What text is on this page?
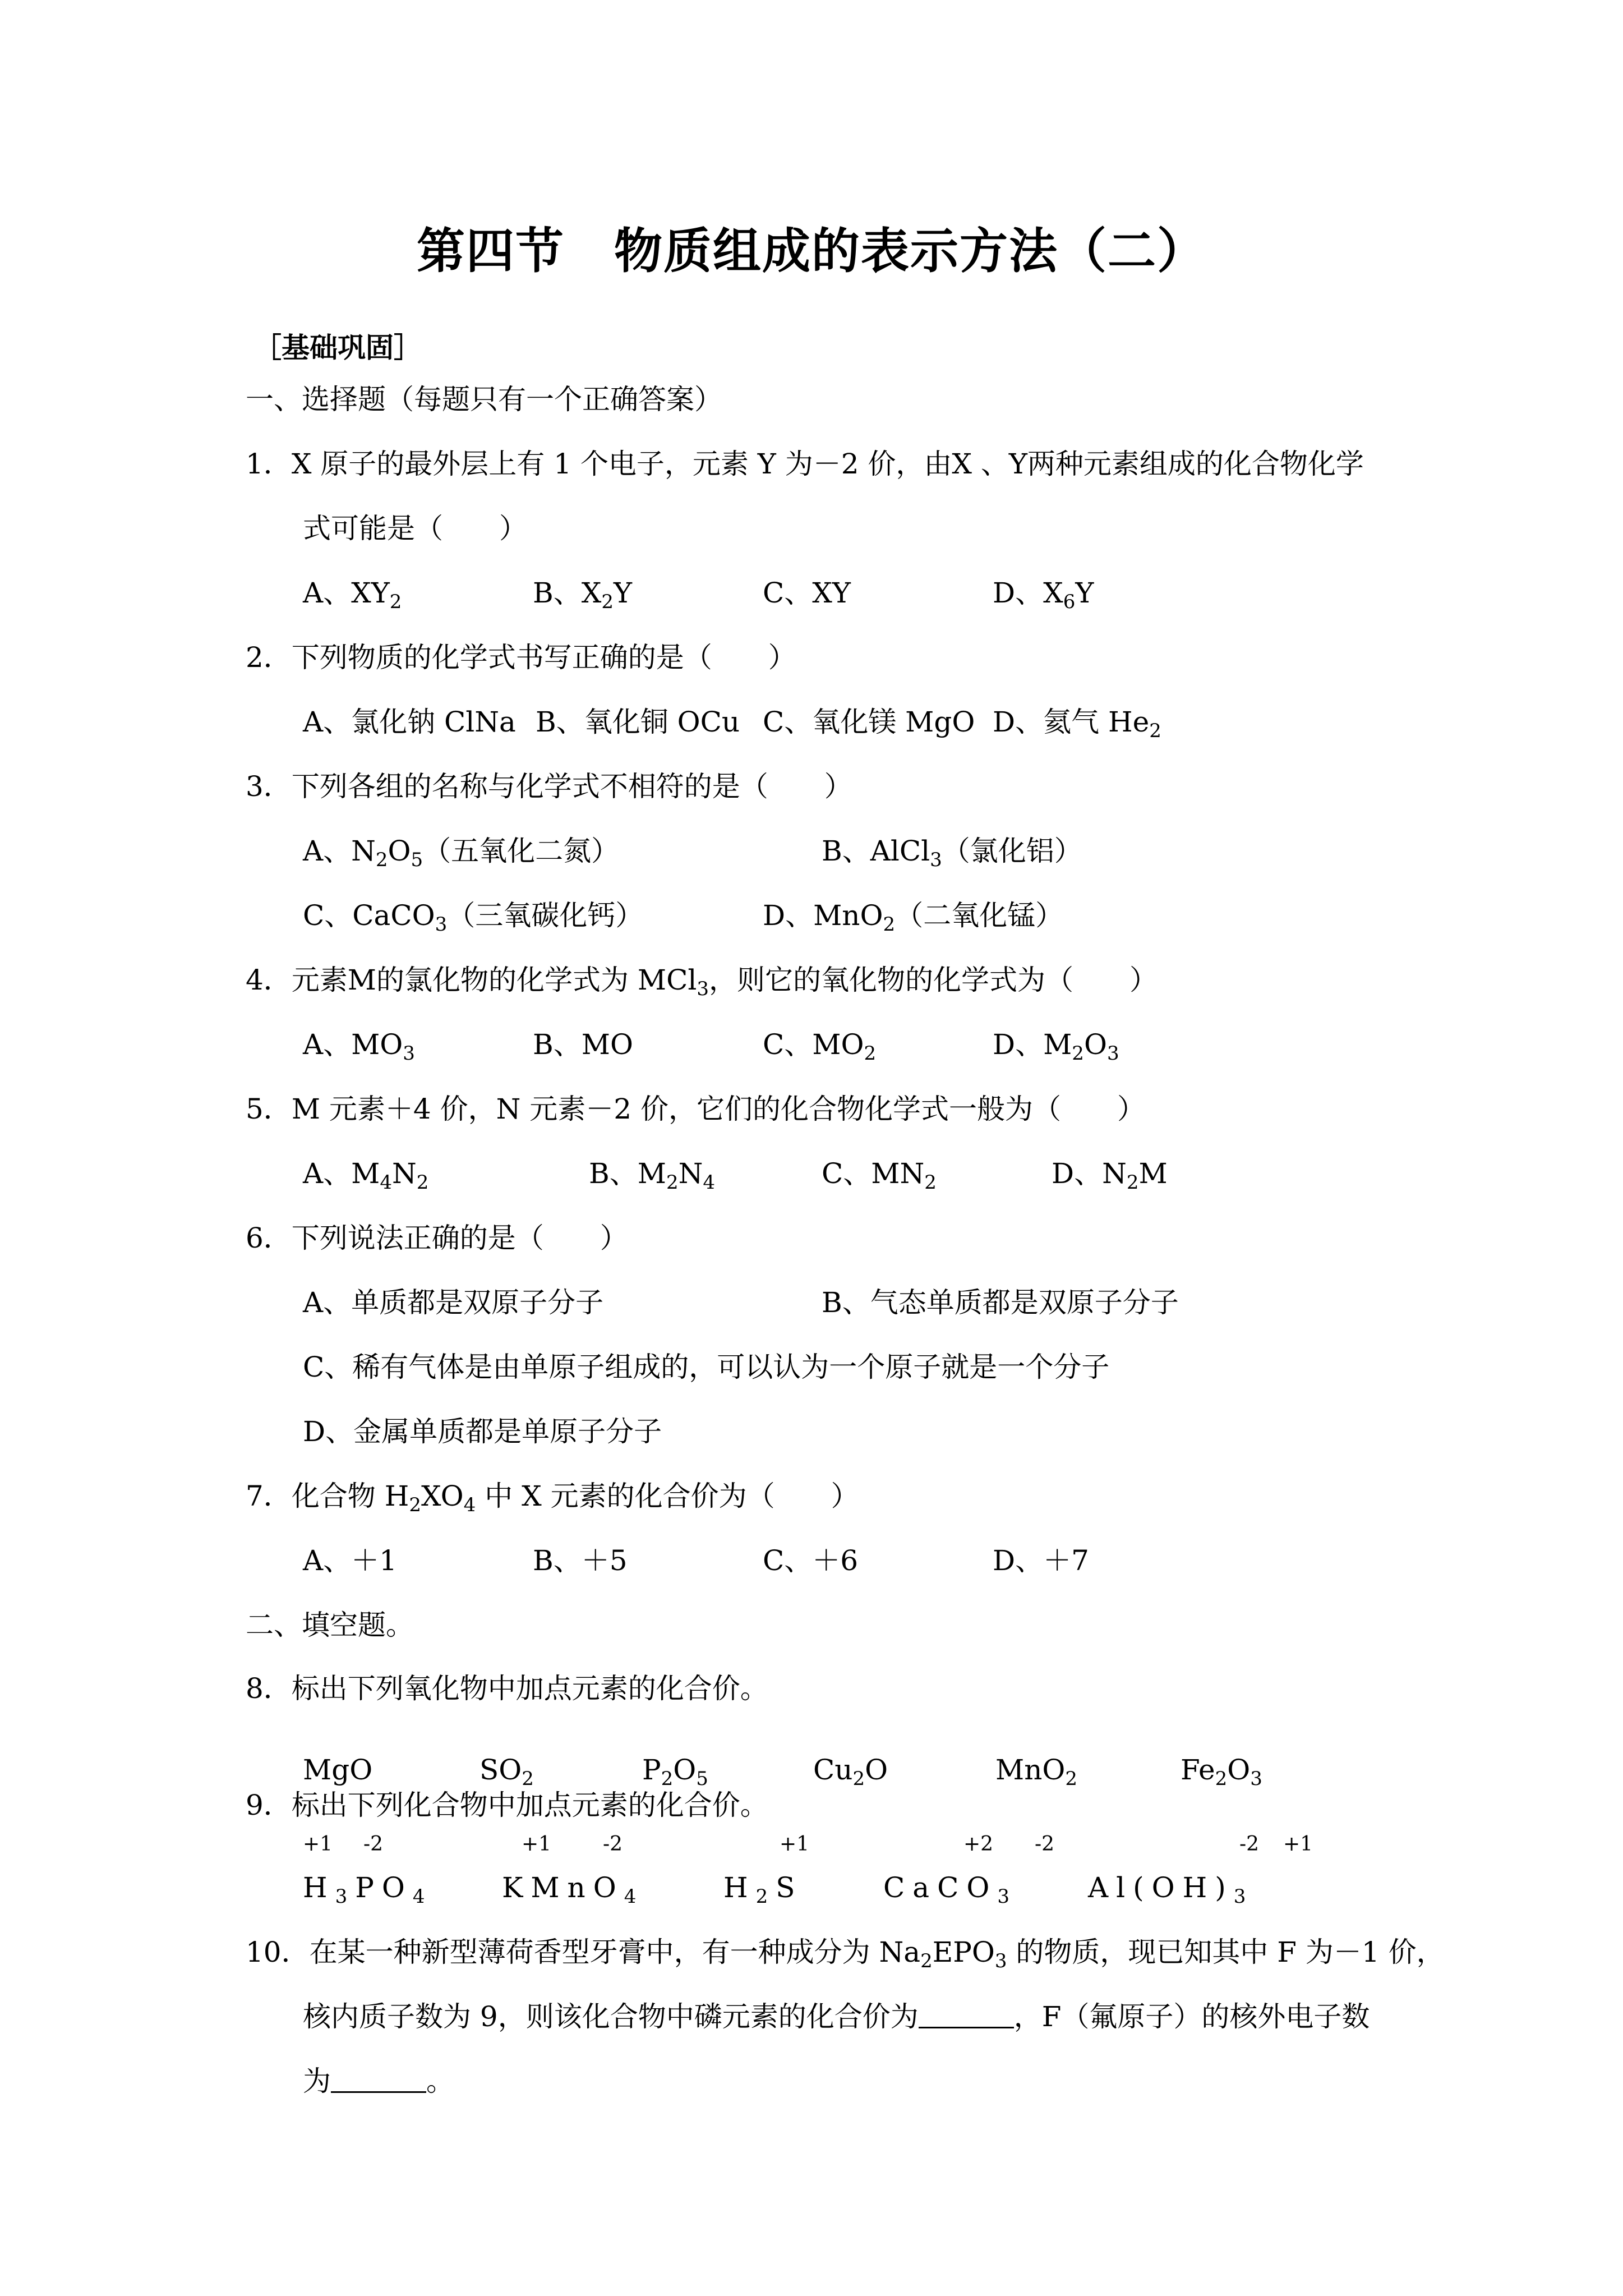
第四节　物质组成的表示方法（二）
［基础巩固］
一、选择题（每题只有一个正确答案）
1．X 原子的最外层上有 1 个电子，元素 Y 为－2 价，由X 、Y两种元素组成的化合物化学
式可能是（　　）
A、$XY_2$	B、$X_2Y$	C、XY	D、$X_6Y$
2．下列物质的化学式书写正确的是（　　）
A、氯化钠 ClNa B、氧化铜 OCu C、氧化镁 MgO D、氦气 $He_2$
3．下列各组的名称与化学式不相符的是（　　）
A、$N_2O_5$（五氧化二氮）	B、AlCl$_3$（氯化铝）
C、CaCO$_3$（三氧碳化钙）	D、MnO$_2$（二氧化锰）
4．元素M的氯化物的化学式为 MCl$_3$，则它的氧化物的化学式为（　　）
A、$MO_3$	B、MO	C、$MO_2$	D、$M_2O_3$
5．M 元素＋4 价，N 元素－2 价，它们的化合物化学式一般为（　　）
A、$M_4N_2$	B、$M_2N_4$	C、$MN_2$	D、$N_2M$
6．下列说法正确的是（　　）
A、单质都是双原子分子	B、气态单质都是双原子分子
C、稀有气体是由单原子组成的，可以认为一个原子就是一个分子
D、金属单质都是单原子分子
7．化合物 $H_2XO_4$ 中 X 元素的化合价为（　　）
A、＋1	B、＋5	C、＋6	D、＋7
二、填空题。
8．标出下列氧化物中加点元素的化合价。
MgO	$SO_2$	$P_2O_5$	$Cu_2O$	MnO$_2$	$Fe_2O_3$
9．标出下列化合物中加点元素的化合价。
+1 -2	+1	-2	+1	+2 -2	-2 +1
$H_3PO_4$ KMnO$_4$	$H_2S$	CaCO$_3$	$Al(OH)_3$
10．在某一种新型薄荷香型牙膏中，有一种成分为 $Na_2EPO_3$ 的物质，现已知其中 F 为－1 价，
核内质子数为 9，则该化合物中磷元素的化合价为	，F（氟原子）的核外电子数
为	。
